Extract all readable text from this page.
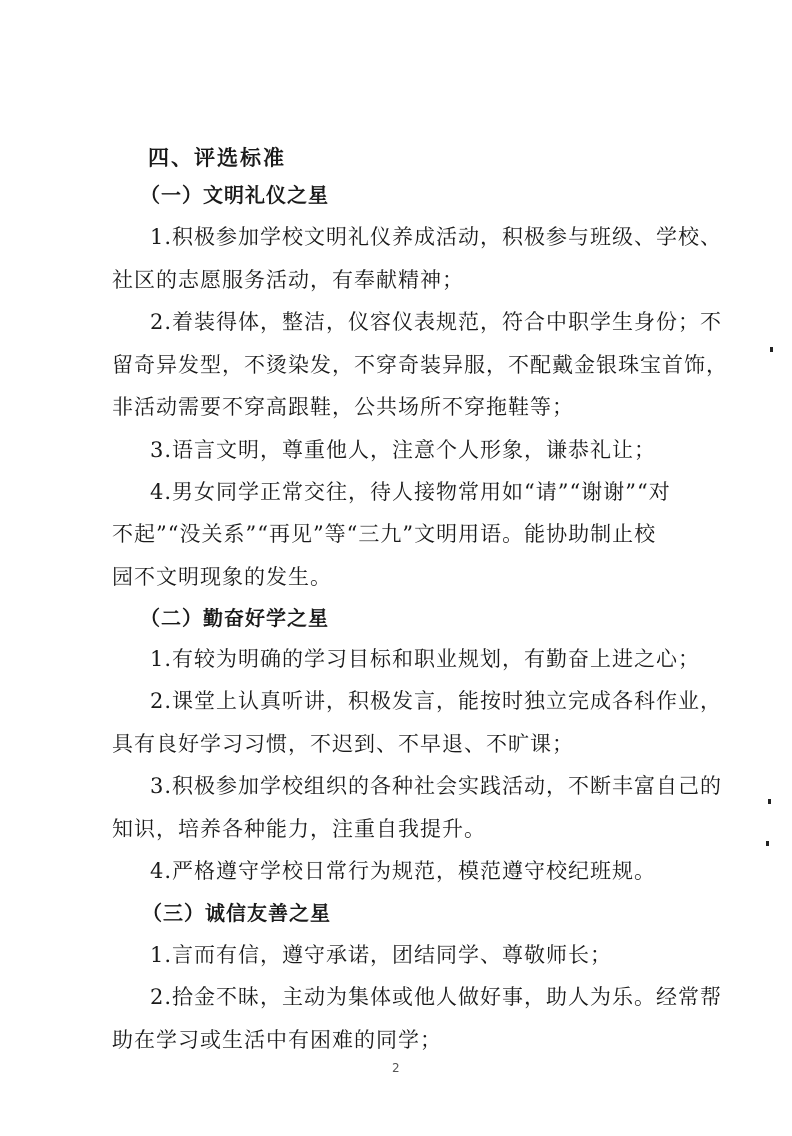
四、评选标准
（一）文明礼仪之星
1.积极参加学校文明礼仪养成活动，积极参与班级、学校、
社区的志愿服务活动，有奉献精神；
2.着装得体，整洁，仪容仪表规范，符合中职学生身份；不
留奇异发型，不烫染发，不穿奇装异服，不配戴金银珠宝首饰，
非活动需要不穿高跟鞋，公共场所不穿拖鞋等；
3.语言文明，尊重他人，注意个人形象，谦恭礼让；
4.男女同学正常交往，待人接物常用如“请”“谢谢”“对
不起”“没关系”“再见”等“三九”文明用语。能协助制止校
园不文明现象的发生。
（二）勤奋好学之星
1.有较为明确的学习目标和职业规划，有勤奋上进之心；
2.课堂上认真听讲，积极发言，能按时独立完成各科作业，
具有良好学习习惯，不迟到、不早退、不旷课；
3.积极参加学校组织的各种社会实践活动，不断丰富自己的
知识，培养各种能力，注重自我提升。
4.严格遵守学校日常行为规范，模范遵守校纪班规。
（三）诚信友善之星
1.言而有信，遵守承诺，团结同学、尊敬师长；
2.拾金不昧，主动为集体或他人做好事，助人为乐。经常帮
助在学习或生活中有困难的同学；
2
